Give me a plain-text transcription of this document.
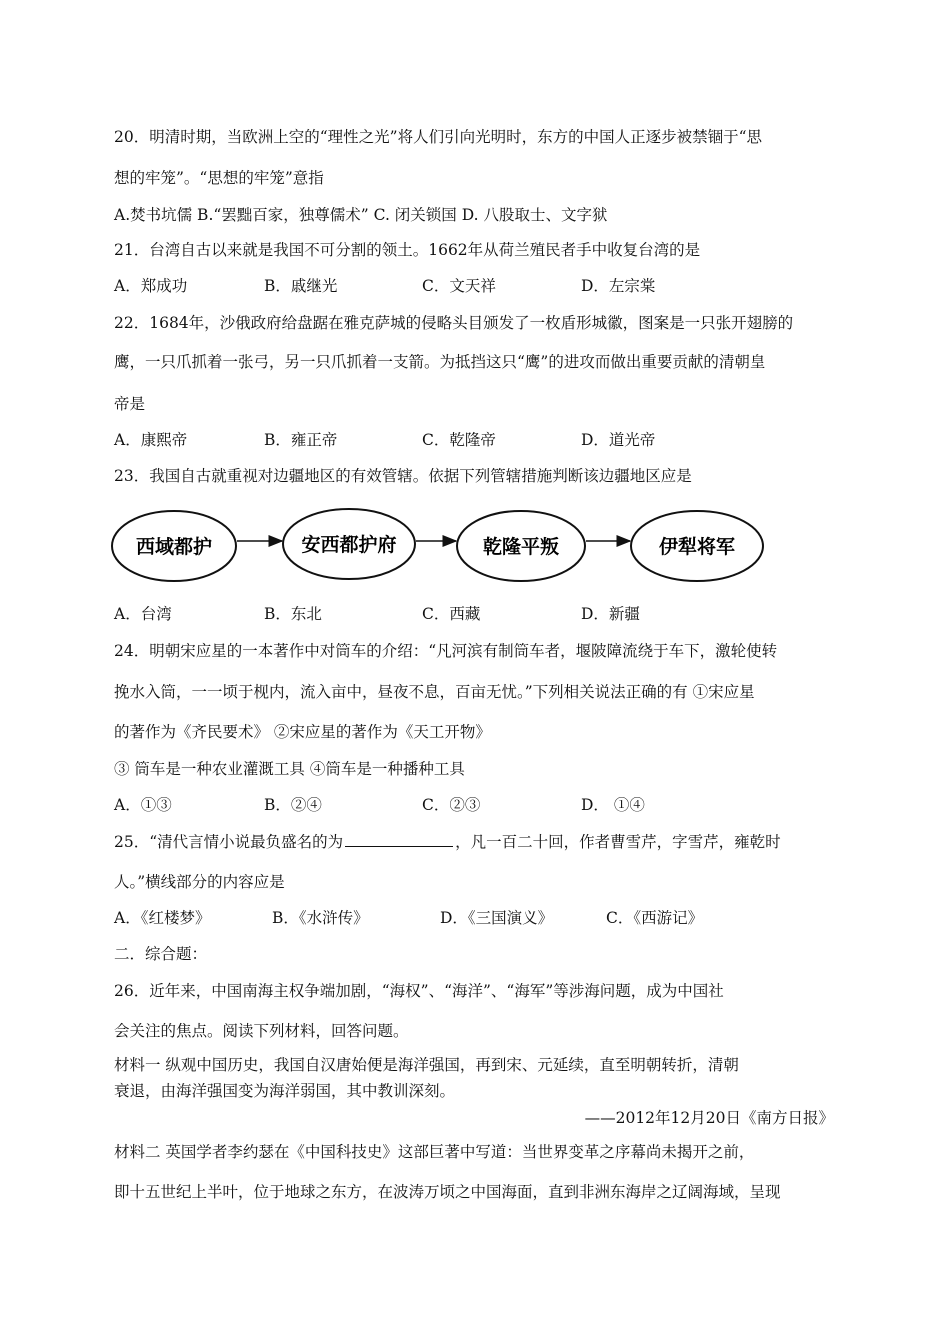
20．明清时期，当欧洲上空的“理性之光”将人们引向光明时，东方的中国人正逐步被禁锢于“思
想的牢笼”。“思想的牢笼”意指
A.焚书坑儒 B.“罢黜百家，独尊儒术” C. 闭关锁国 D. 八股取士、文字狱
21．台湾自古以来就是我国不可分割的领土。1662年从荷兰殖民者手中收复台湾的是
A．郑成功	B．戚继光	C．文天祥	D．左宗棠
22．1684年，沙俄政府给盘踞在雅克萨城的侵略头目颁发了一枚盾形城徽，图案是一只张开翅膀的
鹰，一只爪抓着一张弓，另一只爪抓着一支箭。为抵挡这只“鹰”的进攻而做出重要贡献的清朝皇
帝是
A．康熙帝	B．雍正帝	C．乾隆帝	D．道光帝
23．我国自古就重视对边疆地区的有效管辖。依据下列管辖措施判断该边疆地区应是
西域都护	安西都护府	乾隆平叛	伊犁将军
A．台湾	B．东北	C．西藏	D．新疆
24．明朝宋应星的一本著作中对筒车的介绍：“凡河滨有制筒车者，堰陂障流绕于车下，激轮使转
挽水入筒，一一顷于枧内，流入亩中，昼夜不息，百亩无忧。”下列相关说法正确的有 ①宋应星
的著作为《齐民要术》 ②宋应星的著作为《天工开物》
③ 筒车是一种农业灌溉工具 ④筒车是一种播种工具
A．①③	B．②④	C．②③	D． ①④
25．“清代言情小说最负盛名的为	，凡一百二十回，作者曹雪芹，字雪芹，雍乾时
人。”横线部分的内容应是
A．《红楼梦》	B．《水浒传》	D．《三国演义》	C．《西游记》
二．综合题：
26．近年来，中国南海主权争端加剧，“海权”、“海洋”、“海军”等涉海问题，成为中国社
会关注的焦点。阅读下列材料，回答问题。
材料一 纵观中国历史，我国自汉唐始便是海洋强国，再到宋、元延续，直至明朝转折，清朝
衰退，由海洋强国变为海洋弱国，其中教训深刻。
——2012年12月20日《南方日报》
材料二 英国学者李约瑟在《中国科技史》这部巨著中写道：当世界变革之序幕尚未揭开之前，
即十五世纪上半叶，位于地球之东方，在波涛万顷之中国海面，直到非洲东海岸之辽阔海域，呈现
